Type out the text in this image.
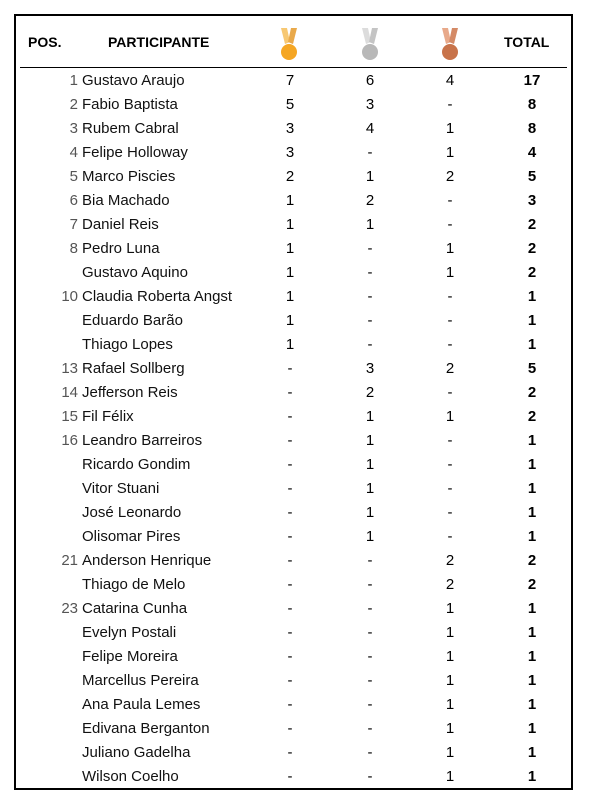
POS.	PARTICIPANTE	TOTAL
1 Gustavo Araujo	7	6	4	17
2 Fabio Baptista	5	3	-	8
3 Rubem Cabral	3	4	1	8
4 Felipe Holloway	3	-	1	4
5 Marco Piscies	2	1	2	5
6 Bia Machado	1	2	-	3
7 Daniel Reis	1	1	-	2
8 Pedro Luna	1	-	1	2
Gustavo Aquino	1	-	1	2
10 Claudia Roberta Angst	1	-	-	1
Eduardo Barão	1	-	-	1
Thiago Lopes	1	-	-	1
13 Rafael Sollberg	-	3	2	5
14 Jefferson Reis	-	2	-	2
15 Fil Félix	-	1	1	2
16 Leandro Barreiros	-	1	-	1
Ricardo Gondim	-	1	-	1
Vitor Stuani	-	1	-	1
José Leonardo	-	1	-	1
Olisomar Pires	-	1	-	1
21 Anderson Henrique	-	-	2	2
Thiago de Melo	-	-	2	2
23 Catarina Cunha	-	-	1	1
Evelyn Postali	-	-	1	1
Felipe Moreira	-	-	1	1
Marcellus Pereira	-	-	1	1
Ana Paula Lemes	-	-	1	1
Edivana Berganton	-	-	1	1
Juliano Gadelha	-	-	1	1
Wilson Coelho	-	-	1	1
